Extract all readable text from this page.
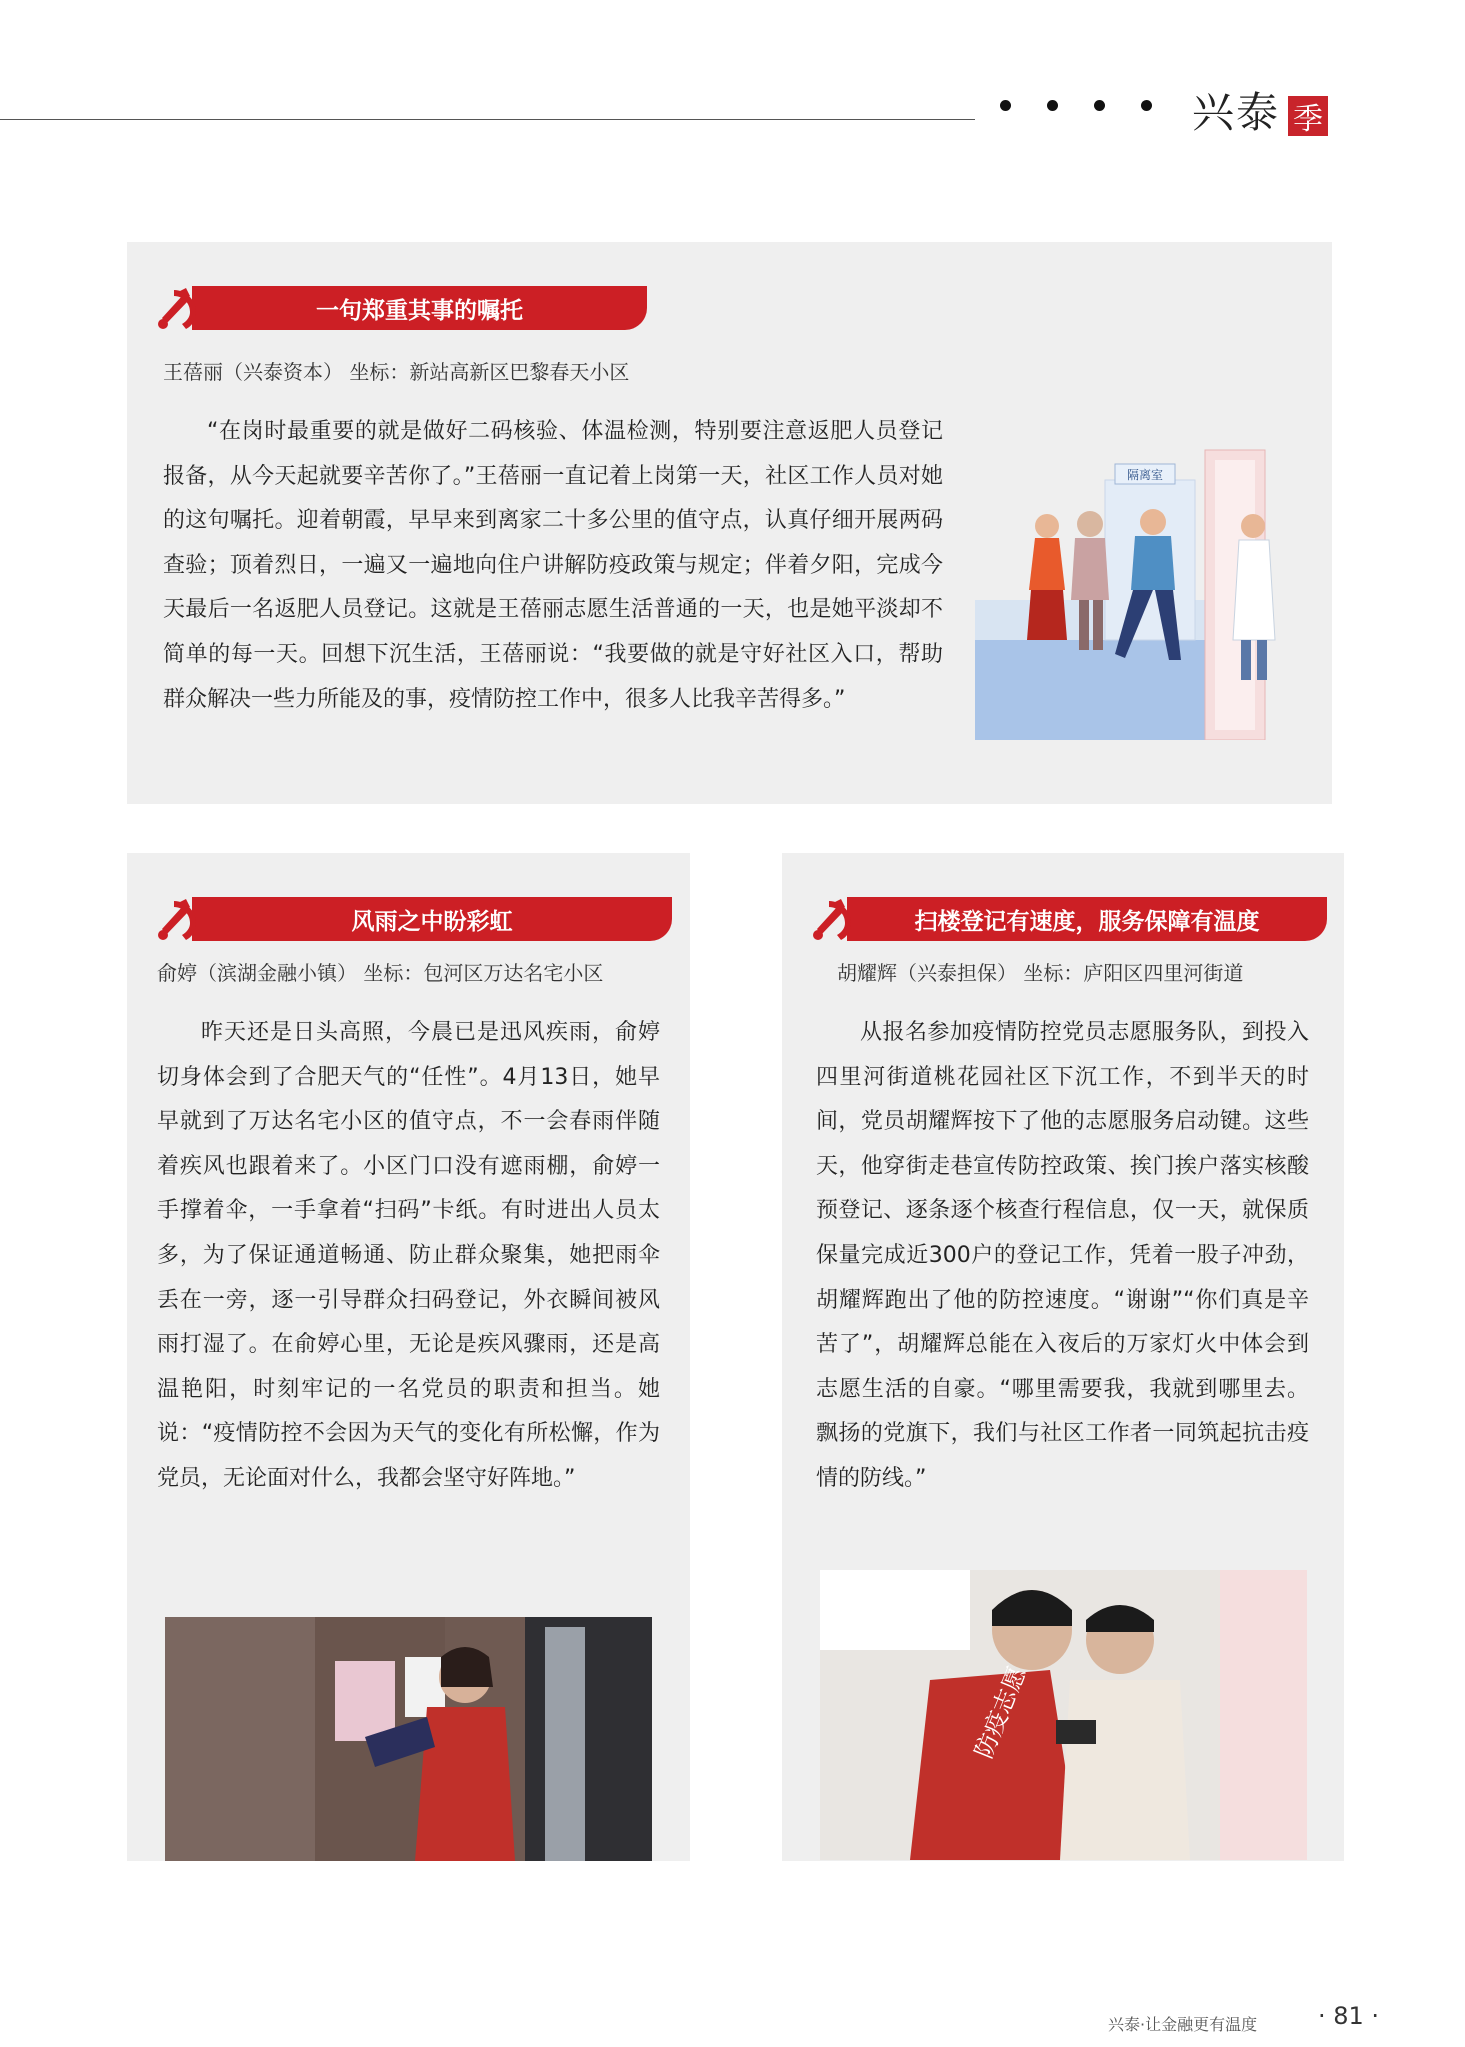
兴泰 季
一句郑重其事的嘱托
王蓓丽（兴泰资本） 坐标：新站高新区巴黎春天小区

“在岗时最重要的就是做好二码核验、体温检测，特别要注意返肥人员登记报备，从今天起就要辛苦你了。”王蓓丽一直记着上岗第一天，社区工作人员对她的这句嘱托。迎着朝霞，早早来到离家二十多公里的值守点，认真仔细开展两码查验；顶着烈日，一遍又一遍地向住户讲解防疫政策与规定；伴着夕阳，完成今天最后一名返肥人员登记。这就是王蓓丽志愿生活普通的一天，也是她平淡却不简单的每一天。回想下沉生活，王蓓丽说：“我要做的就是守好社区入口，帮助群众解决一些力所能及的事，疫情防控工作中，很多人比我辛苦得多。”

隔离室
风雨之中盼彩虹
俞婷（滨湖金融小镇） 坐标：包河区万达名宅小区

昨天还是日头高照，今晨已是迅风疾雨，俞婷切身体会到了合肥天气的“任性”。4月13日，她早早就到了万达名宅小区的值守点，不一会春雨伴随着疾风也跟着来了。小区门口没有遮雨棚，俞婷一手撑着伞，一手拿着“扫码”卡纸。有时进出人员太多，为了保证通道畅通、防止群众聚集，她把雨伞丢在一旁，逐一引导群众扫码登记，外衣瞬间被风雨打湿了。在俞婷心里，无论是疾风骤雨，还是高温艳阳，时刻牢记的一名党员的职责和担当。她说：“疫情防控不会因为天气的变化有所松懈，作为党员，无论面对什么，我都会坚守好阵地。”

扫楼登记有速度，服务保障有温度
胡耀辉（兴泰担保） 坐标：庐阳区四里河街道

从报名参加疫情防控党员志愿服务队，到投入四里河街道桃花园社区下沉工作，不到半天的时间，党员胡耀辉按下了他的志愿服务启动键。这些天，他穿街走巷宣传防控政策、挨门挨户落实核酸预登记、逐条逐个核查行程信息，仅一天，就保质保量完成近300户的登记工作，凭着一股子冲劲，胡耀辉跑出了他的防控速度。“谢谢”“你们真是辛苦了”，胡耀辉总能在入夜后的万家灯火中体会到志愿生活的自豪。“哪里需要我，我就到哪里去。飘扬的党旗下，我们与社区工作者一同筑起抗击疫情的防线。”

防疫志愿
兴泰·让金融更有温度	· 81 ·
